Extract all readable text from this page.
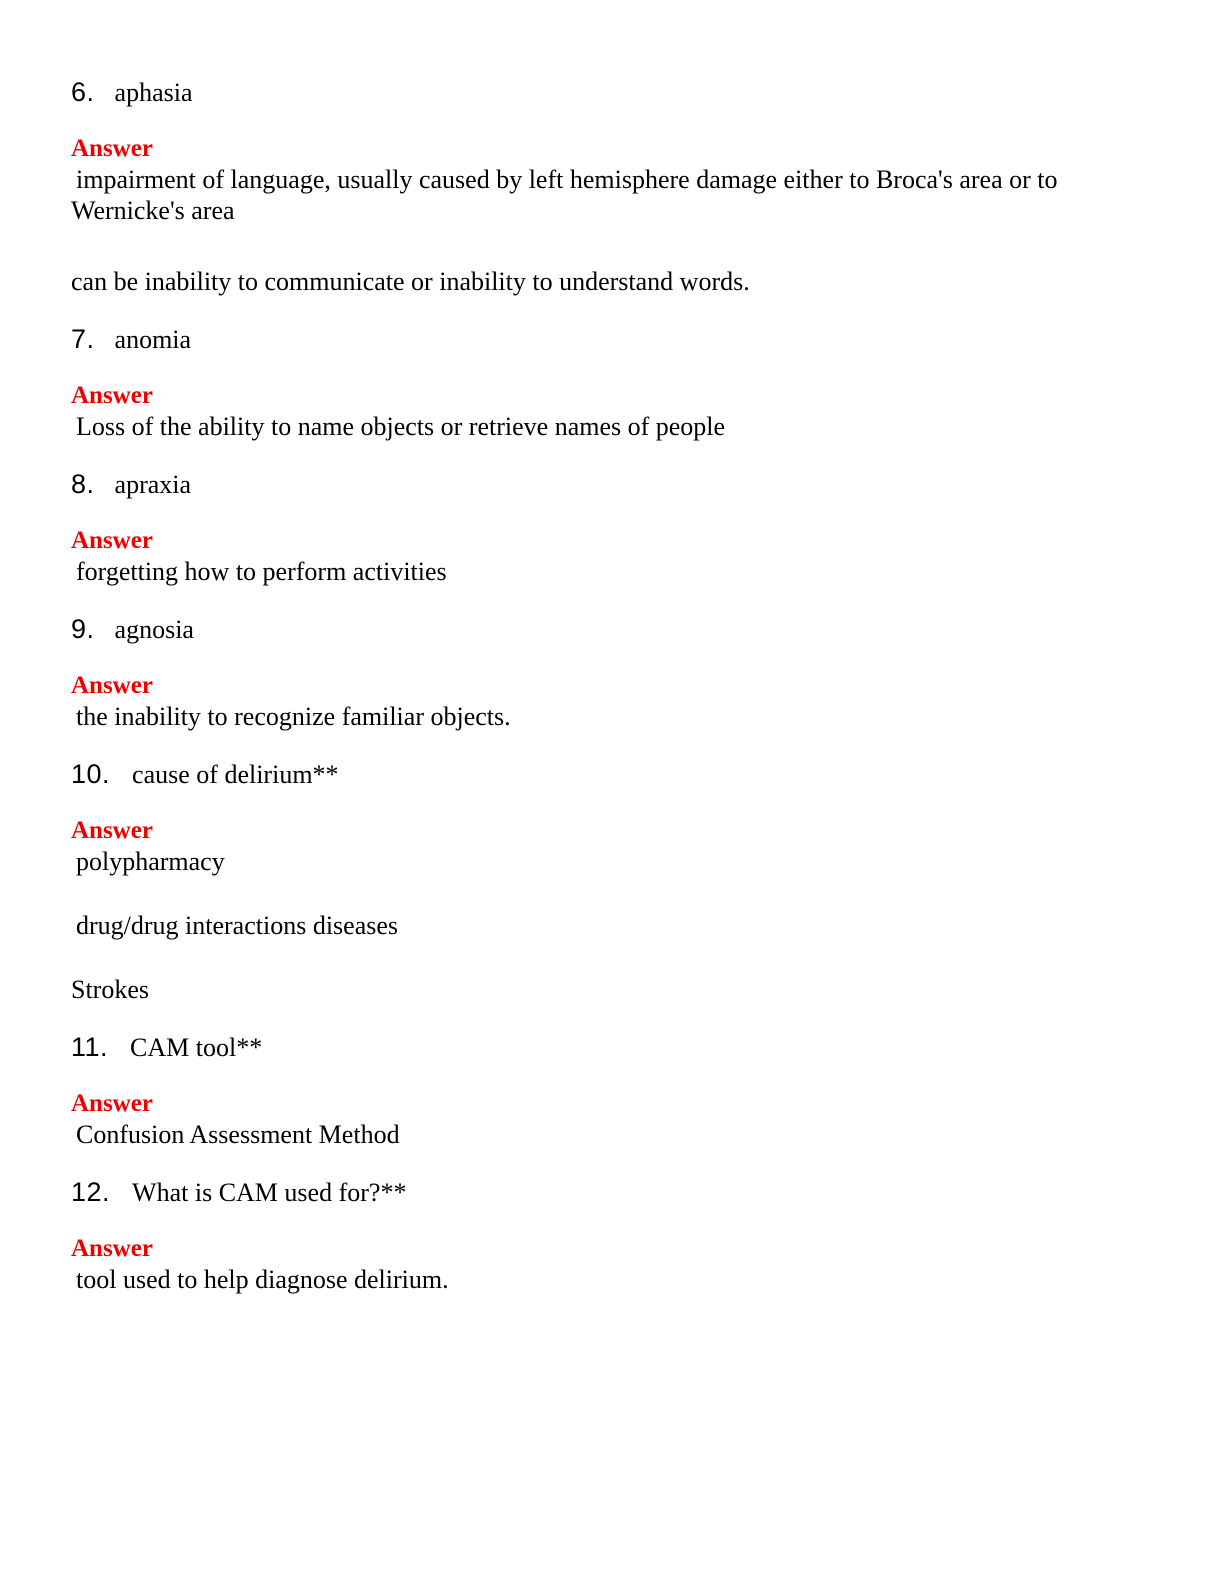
6. aphasia
Answer
impairment of language, usually caused by left hemisphere damage either to Broca's area or to
Wernicke's area
can be inability to communicate or inability to understand words.
7. anomia
Answer
Loss of the ability to name objects or retrieve names of people
8. apraxia
Answer
forgetting how to perform activities
9. agnosia
Answer
the inability to recognize familiar objects.
10. cause of delirium**
Answer
polypharmacy
drug/drug interactions diseases
Strokes
11. CAM tool**
Answer
Confusion Assessment Method
12. What is CAM used for?**
Answer
tool used to help diagnose delirium.
